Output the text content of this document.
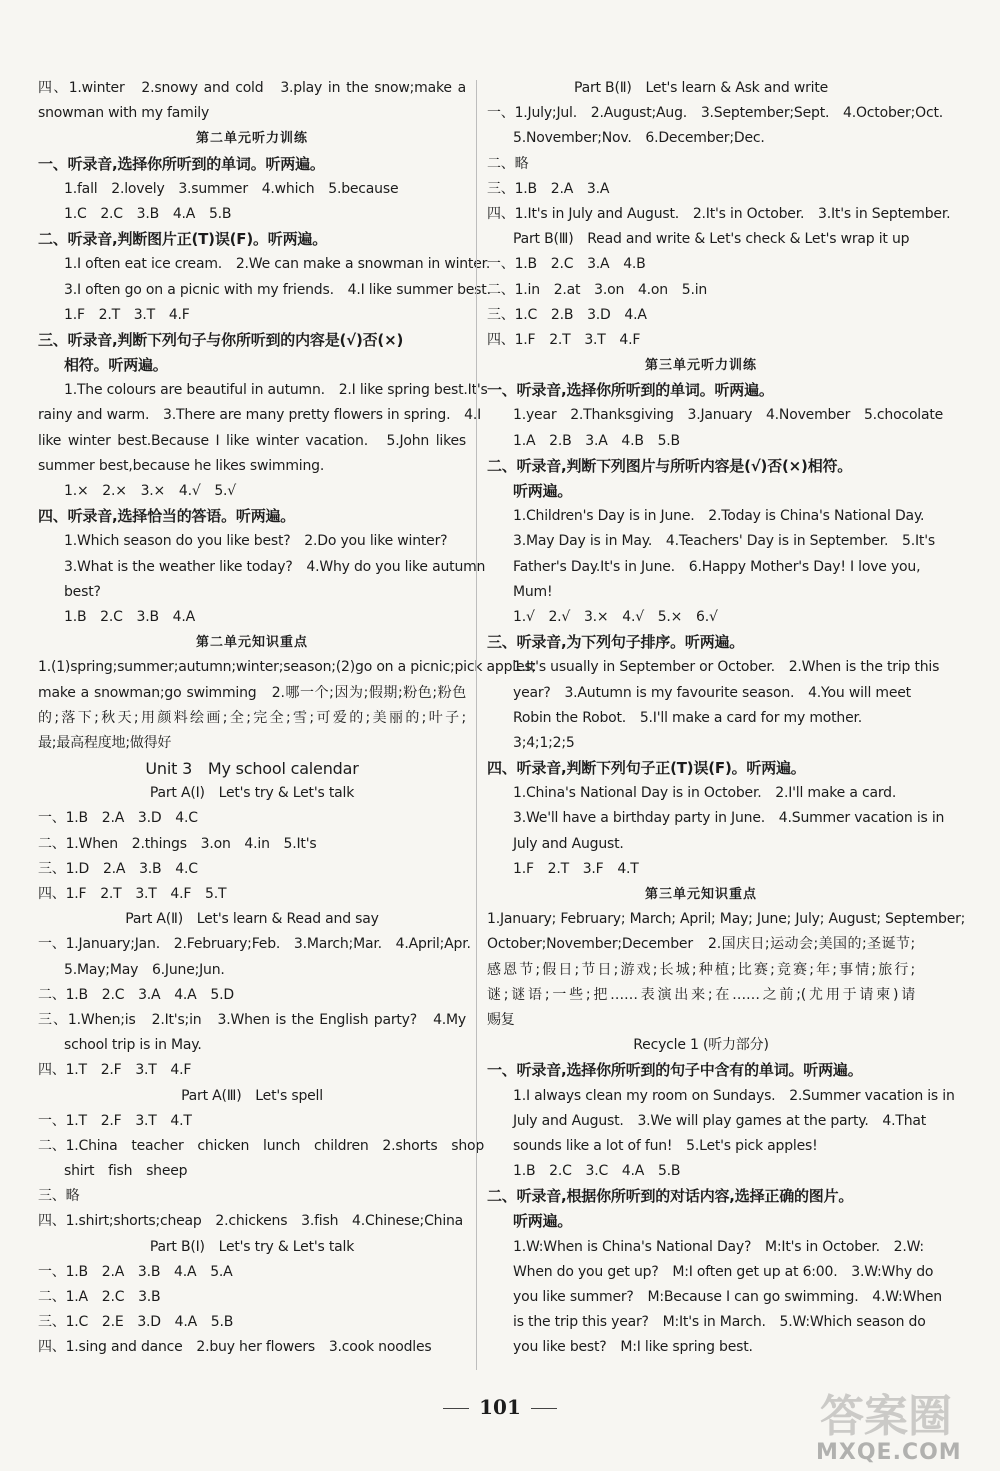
四、1.winter　2.snowy and cold　3.play in the snow;make a
snowman with my family
第二单元听力训练
一、听录音,选择你所听到的单词。听两遍。
1.fall　2.lovely　3.summer　4.which　5.because
1.C　2.C　3.B　4.A　5.B
二、听录音,判断图片正(T)误(F)。听两遍。
1.I often eat ice cream.　2.We can make a snowman in winter.
3.I often go on a picnic with my friends.　4.I like summer best.
1.F　2.T　3.T　4.F
三、听录音,判断下列句子与你所听到的内容是(√)否(×)
相符。听两遍。
1.The colours are beautiful in autumn.　2.I like spring best.It's
rainy and warm.　3.There are many pretty flowers in spring.　4.I
like winter best.Because I like winter vacation.　5.John likes
summer best,because he likes swimming.
1.×　2.×　3.×　4.√　5.√
四、听录音,选择恰当的答语。听两遍。
1.Which season do you like best?　2.Do you like winter?
3.What is the weather like today?　4.Why do you like autumn
best?
1.B　2.C　3.B　4.A
第二单元知识重点
1.(1)spring;summer;autumn;winter;season;(2)go on a picnic;pick apples;
make a snowman;go swimming　2.哪一个;因为;假期;粉色;粉色
的;落下;秋天;用颜料绘画;全;完全;雪;可爱的;美丽的;叶子;
最;最高程度地;做得好
Unit 3　My school calendar
Part A(Ⅰ)　Let's try & Let's talk
一、1.B　2.A　3.D　4.C
二、1.When　2.things　3.on　4.in　5.It's
三、1.D　2.A　3.B　4.C
四、1.F　2.T　3.T　4.F　5.T
Part A(Ⅱ)　Let's learn & Read and say
一、1.January;Jan.　2.February;Feb.　3.March;Mar.　4.April;Apr.
5.May;May　6.June;Jun.
二、1.B　2.C　3.A　4.A　5.D
三、1.When;is　2.It's;in　3.When is the English party?　4.My
school trip is in May.
四、1.T　2.F　3.T　4.F
Part A(Ⅲ)　Let's spell
一、1.T　2.F　3.T　4.T
二、1.China　teacher　chicken　lunch　children　2.shorts　shop
shirt　fish　sheep
三、略
四、1.shirt;shorts;cheap　2.chickens　3.fish　4.Chinese;China
Part B(Ⅰ)　Let's try & Let's talk
一、1.B　2.A　3.B　4.A　5.A
二、1.A　2.C　3.B
三、1.C　2.E　3.D　4.A　5.B
四、1.sing and dance　2.buy her flowers　3.cook noodles
Part B(Ⅱ)　Let's learn & Ask and write
一、1.July;Jul.　2.August;Aug.　3.September;Sept.　4.October;Oct.
5.November;Nov.　6.December;Dec.
二、略
三、1.B　2.A　3.A
四、1.It's in July and August.　2.It's in October.　3.It's in September.
Part B(Ⅲ)　Read and write & Let's check & Let's wrap it up
一、1.B　2.C　3.A　4.B
二、1.in　2.at　3.on　4.on　5.in
三、1.C　2.B　3.D　4.A
四、1.F　2.T　3.T　4.F
第三单元听力训练
一、听录音,选择你所听到的单词。听两遍。
1.year　2.Thanksgiving　3.January　4.November　5.chocolate
1.A　2.B　3.A　4.B　5.B
二、听录音,判断下列图片与所听内容是(√)否(×)相符。
听两遍。
1.Children's Day is in June.　2.Today is China's National Day.
3.May Day is in May.　4.Teachers' Day is in September.　5.It's
Father's Day.It's in June.　6.Happy Mother's Day! I love you,
Mum!
1.√　2.√　3.×　4.√　5.×　6.√
三、听录音,为下列句子排序。听两遍。
1.It's usually in September or October.　2.When is the trip this
year?　3.Autumn is my favourite season.　4.You will meet
Robin the Robot.　5.I'll make a card for my mother.
3;4;1;2;5
四、听录音,判断下列句子正(T)误(F)。听两遍。
1.China's National Day is in October.　2.I'll make a card.
3.We'll have a birthday party in June.　4.Summer vacation is in
July and August.
1.F　2.T　3.F　4.T
第三单元知识重点
1.January; February; March; April; May; June; July; August; September;
October;November;December　2.国庆日;运动会;美国的;圣诞节;
感恩节;假日;节日;游戏;长城;种植;比赛;竞赛;年;事情;旅行;
谜;谜语;一些;把……表演出来;在……之前;(尤用于请柬)请
赐复
Recycle 1 (听力部分)
一、听录音,选择你所听到的句子中含有的单词。听两遍。
1.I always clean my room on Sundays.　2.Summer vacation is in
July and August.　3.We will play games at the party.　4.That
sounds like a lot of fun!　5.Let's pick apples!
1.B　2.C　3.C　4.A　5.B
二、听录音,根据你所听到的对话内容,选择正确的图片。
听两遍。
1.W:When is China's National Day?　M:It's in October.　2.W:
When do you get up?　M:I often get up at 6:00.　3.W:Why do
you like summer?　M:Because I can go swimming.　4.W:When
is the trip this year?　M:It's in March.　5.W:Which season do
you like best?　M:I like spring best.
101	答案圈
MXQE.COM
